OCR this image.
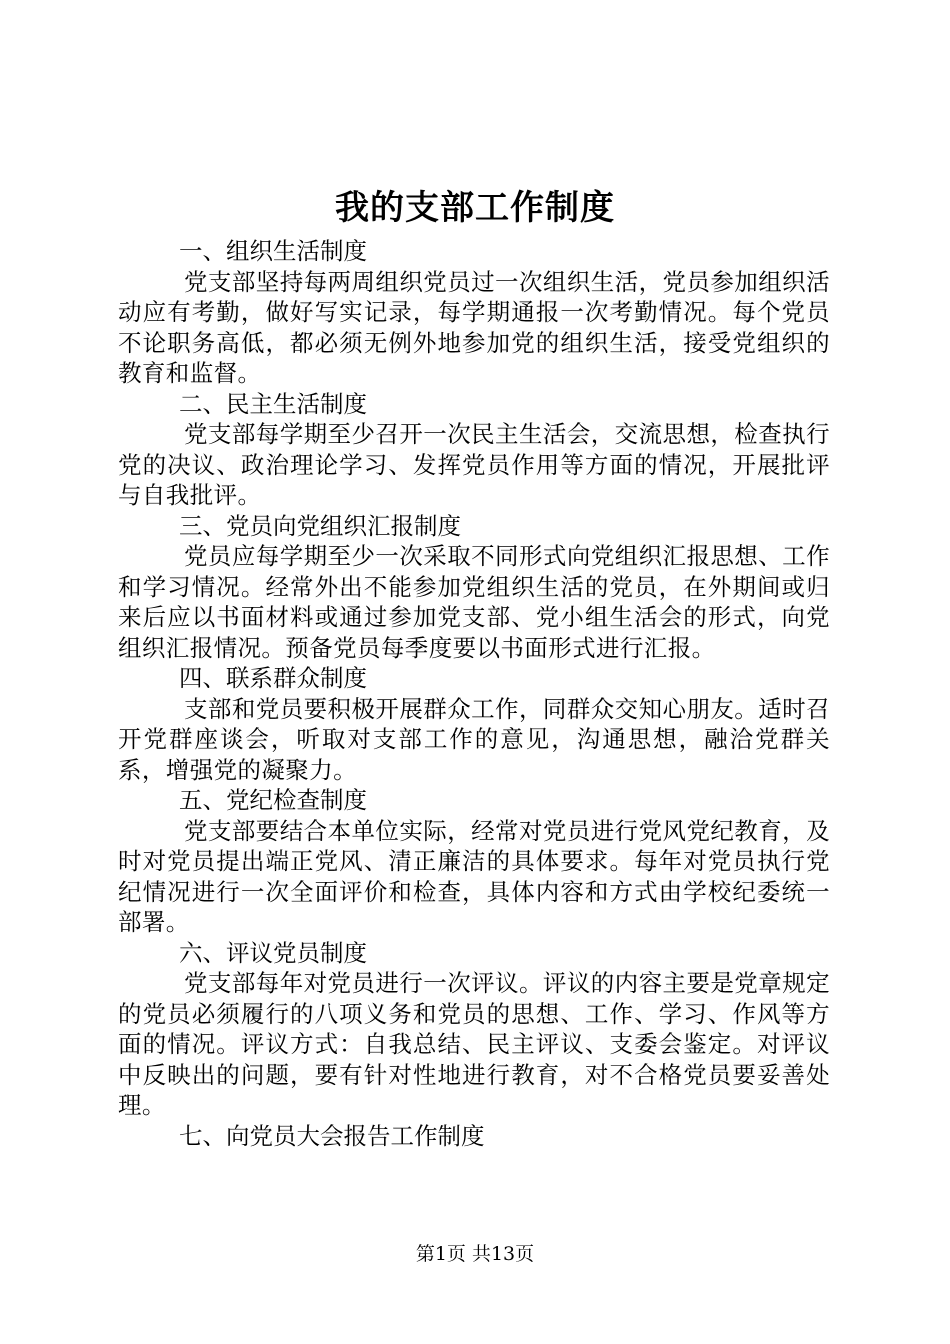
我的支部工作制度

一、组织生活制度

党支部坚持每两周组织党员过一次组织生活，党员参加组织活动应有考勤，做好写实记录，每学期通报一次考勤情况。每个党员不论职务高低，都必须无例外地参加党的组织生活，接受党组织的教育和监督。

二、民主生活制度

党支部每学期至少召开一次民主生活会，交流思想，检查执行党的决议、政治理论学习、发挥党员作用等方面的情况，开展批评与自我批评。

三、党员向党组织汇报制度

党员应每学期至少一次采取不同形式向党组织汇报思想、工作和学习情况。经常外出不能参加党组织生活的党员，在外期间或归来后应以书面材料或通过参加党支部、党小组生活会的形式，向党组织汇报情况。预备党员每季度要以书面形式进行汇报。

四、联系群众制度

支部和党员要积极开展群众工作，同群众交知心朋友。适时召开党群座谈会，听取对支部工作的意见，沟通思想，融洽党群关系，增强党的凝聚力。

五、党纪检查制度

党支部要结合本单位实际，经常对党员进行党风党纪教育，及时对党员提出端正党风、清正廉洁的具体要求。每年对党员执行党纪情况进行一次全面评价和检查，具体内容和方式由学校纪委统一部署。

六、评议党员制度

党支部每年对党员进行一次评议。评议的内容主要是党章规定的党员必须履行的八项义务和党员的思想、工作、学习、作风等方面的情况。评议方式：自我总结、民主评议、支委会鉴定。对评议中反映出的问题，要有针对性地进行教育，对不合格党员要妥善处理。

七、向党员大会报告工作制度

第1页 共13页
